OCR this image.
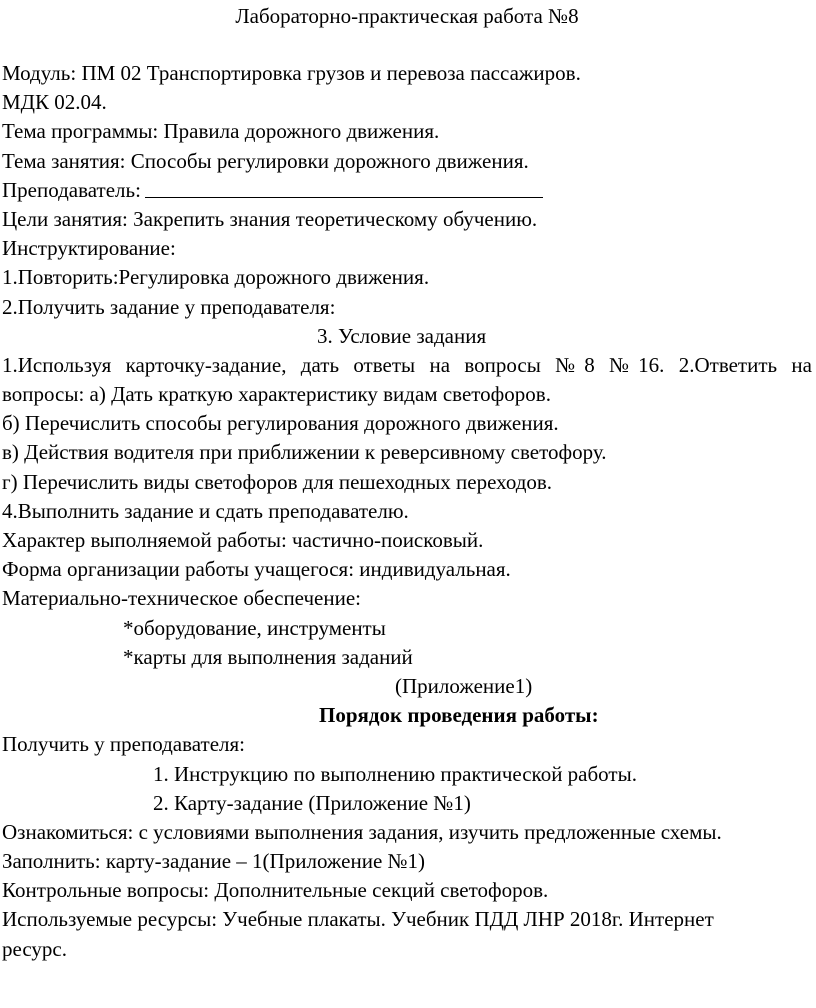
Лабораторно-практическая работа №8

Модуль: ПМ 02 Транспортировка грузов и перевоза пассажиров.

МДК 02.04.

Тема программы: Правила дорожного движения.

Тема занятия: Способы регулировки дорожного движения.

Преподаватель:

Цели занятия: Закрепить знания теоретическому обучению.

Инструктирование:

1.Повторить:Регулировка дорожного движения.

2.Получить задание у преподавателя:

3. Условие задания

1.Используя карточку-задание, дать ответы на вопросы №8 №16. 2.Ответить на

вопросы: а) Дать краткую характеристику видам светофоров.

б) Перечислить способы регулирования дорожного движения.

в) Действия водителя при приближении к реверсивному светофору.

г) Перечислить виды светофоров для пешеходных переходов.

4.Выполнить задание и сдать преподавателю.

Характер выполняемой работы: частично-поисковый.

Форма организации работы учащегося: индивидуальная.

Материально-техническое обеспечение:

*оборудование, инструменты

*карты для выполнения заданий

(Приложение1)

Порядок проведения работы:

Получить у преподавателя:

1. Инструкцию по выполнению практической работы.

2. Карту-задание (Приложение №1)

Ознакомиться: с условиями выполнения задания, изучить предложенные схемы.

Заполнить: карту-задание – 1(Приложение №1)

Контрольные вопросы: Дополнительные секций светофоров.

Используемые ресурсы: Учебные плакаты. Учебник ПДД ЛНР 2018г. Интернет

ресурс.
